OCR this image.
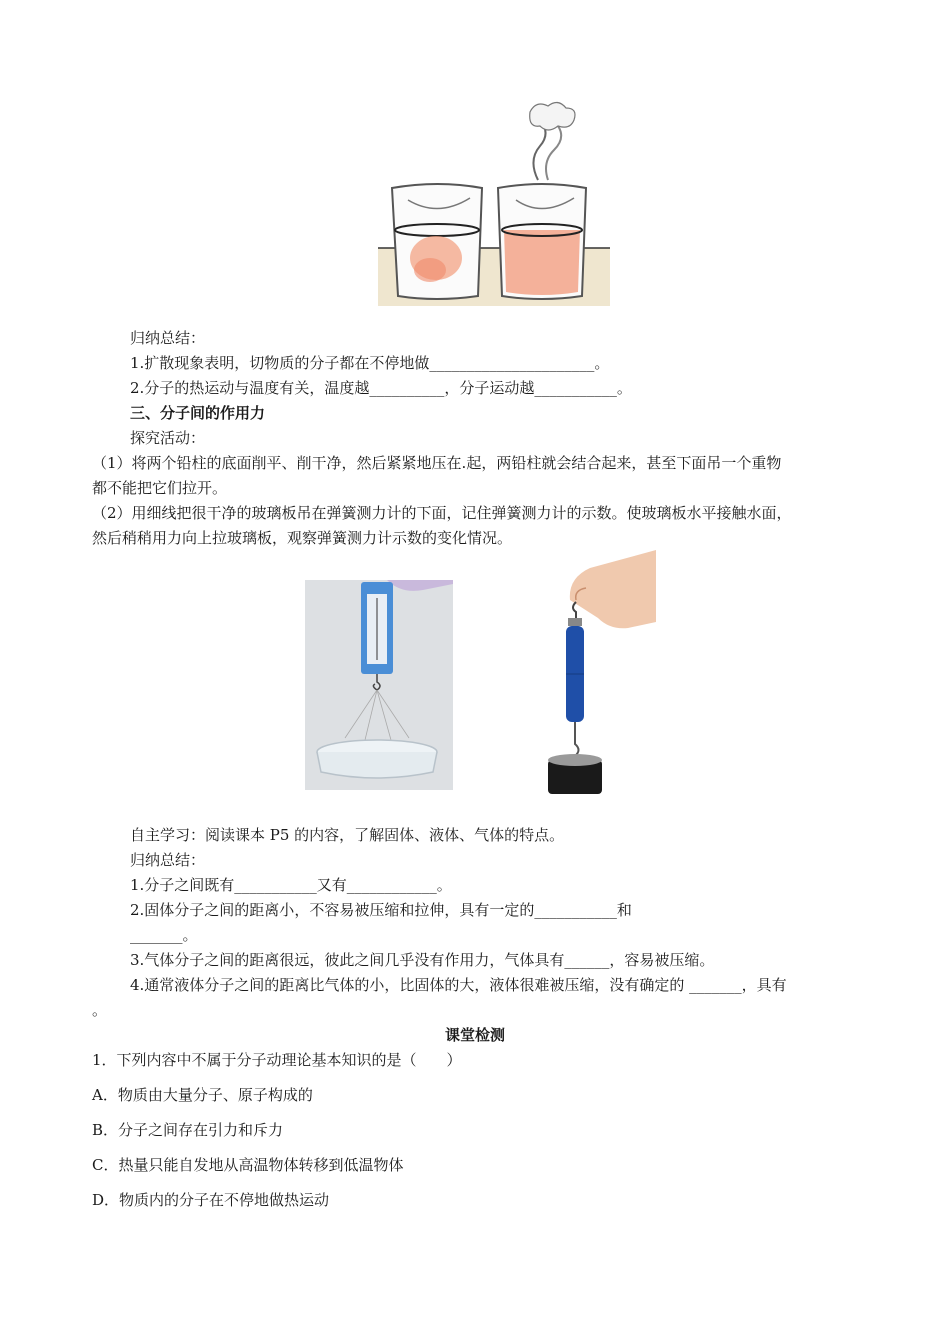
归纳总结：
1.扩散现象表明，切物质的分子都在不停地做______________________。
2.分子的热运动与温度有关，温度越__________，分子运动越___________。
三、分子间的作用力
探究活动：
（1）将两个铅柱的底面削平、削干净，然后紧紧地压在.起，两铅柱就会结合起来，甚至下面吊一个重物
都不能把它们拉开。
（2）用细线把很干净的玻璃板吊在弹簧测力计的下面，记住弹簧测力计的示数。使玻璃板水平接触水面，
然后稍稍用力向上拉玻璃板，观察弹簧测力计示数的变化情况。
自主学习：阅读课本 P5 的内容，了解固体、液体、气体的特点。
归纳总结：
1.分子之间既有___________又有____________。
2.固体分子之间的距离小，不容易被压缩和拉伸，具有一定的___________和
_______。
3.气体分子之间的距离很远，彼此之间几乎没有作用力，气体具有______，容易被压缩。
4.通常液体分子之间的距离比气体的小，比固体的大，液体很难被压缩，没有确定的 _______，具有
。
课堂检测
1．下列内容中不属于分子动理论基本知识的是（　　）
A．物质由大量分子、原子构成的
B．分子之间存在引力和斥力
C．热量只能自发地从高温物体转移到低温物体
D．物质内的分子在不停地做热运动
